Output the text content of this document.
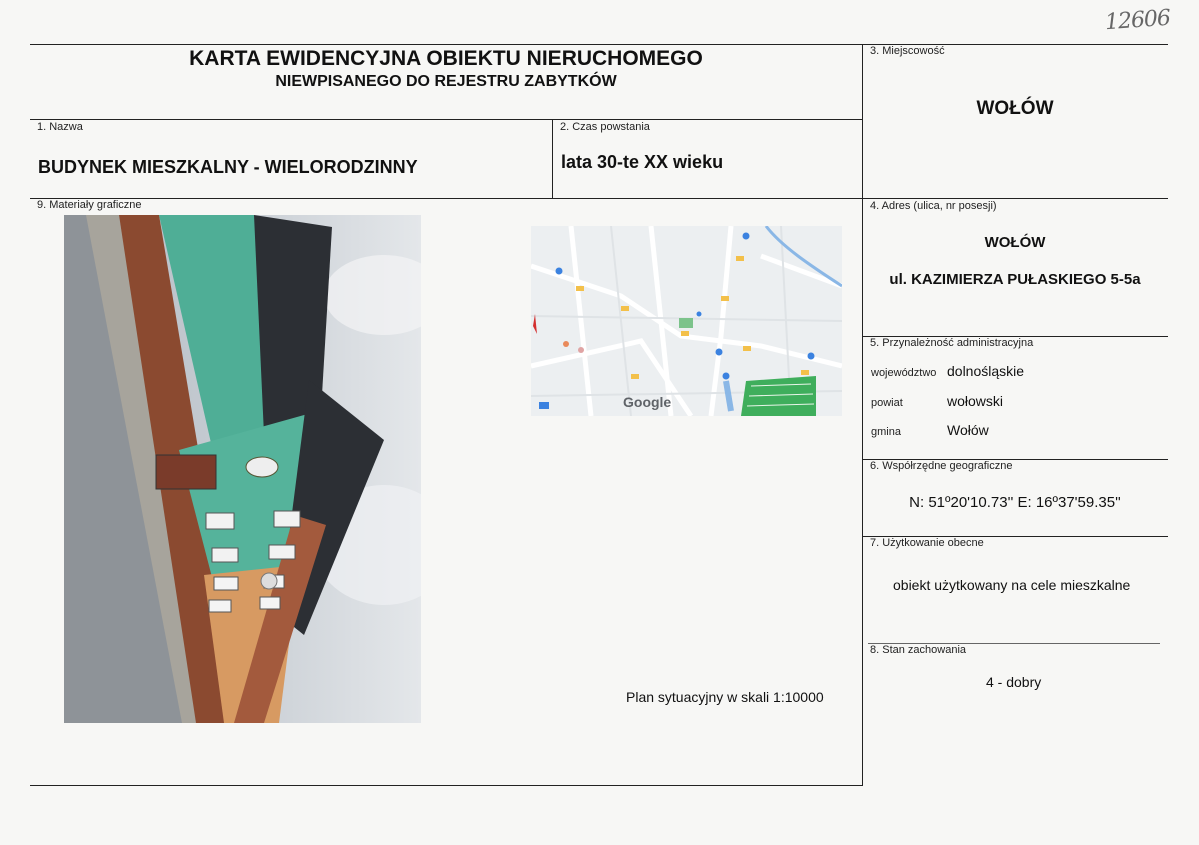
12606
KARTA EWIDENCYJNA OBIEKTU NIERUCHOMEGO
NIEWPISANEGO DO REJESTRU ZABYTKÓW
1. Nazwa
BUDYNEK MIESZKALNY - WIELORODZINNY
2. Czas powstania
lata 30-te XX wieku
3. Miejscowość
WOŁÓW
4. Adres (ulica, nr posesji)
WOŁÓW
ul. KAZIMIERZA PUŁASKIEGO 5-5a
5. Przynależność administracyjna
województwo dolnośląskie
powiat	wołowski
gmina	Wołów
6. Współrzędne geograficzne
N: 51º20'10.73'' E: 16º37'59.35''
7. Użytkowanie obecne
obiekt użytkowany na cele mieszkalne
8. Stan zachowania
4 - dobry
9. Materiały graficzne
Google
Plan sytuacyjny w skali 1:10000
